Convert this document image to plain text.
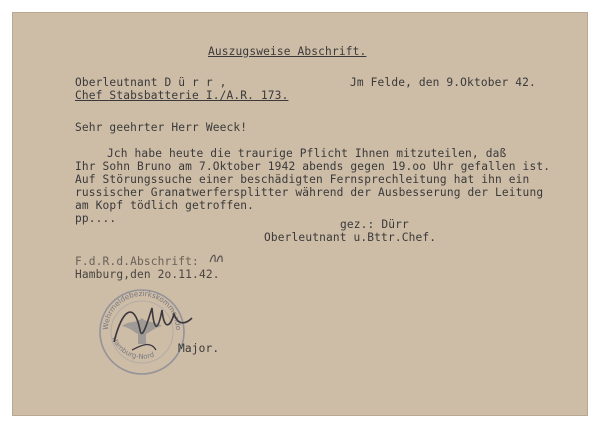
Auszugsweise Abschrift.
Oberleutnant D ü r r ,
Chef Stabsbatterie I./A.R. 173.
Jm Felde, den 9.Oktober 42.
Sehr geehrter Herr Weeck!
Jch habe heute die traurige Pflicht Ihnen mitzuteilen, daß
Ihr Sohn Bruno am 7.Oktober 1942 abends gegen 19.oo Uhr gefallen ist.
Auf Störungssuche einer beschädigten Fernsprechleitung hat ihn ein
russischer Granatwerfersplitter während der Ausbesserung der Leitung
am Kopf tödlich getroffen.
pp....	gez.: Dürr
Oberleutnant u.Bttr.Chef.
F.d.R.d.Abschrift:
Hamburg,den 2o.11.42.
Wehrmeldebezirkskommando
Hamburg-Nord
Major.
